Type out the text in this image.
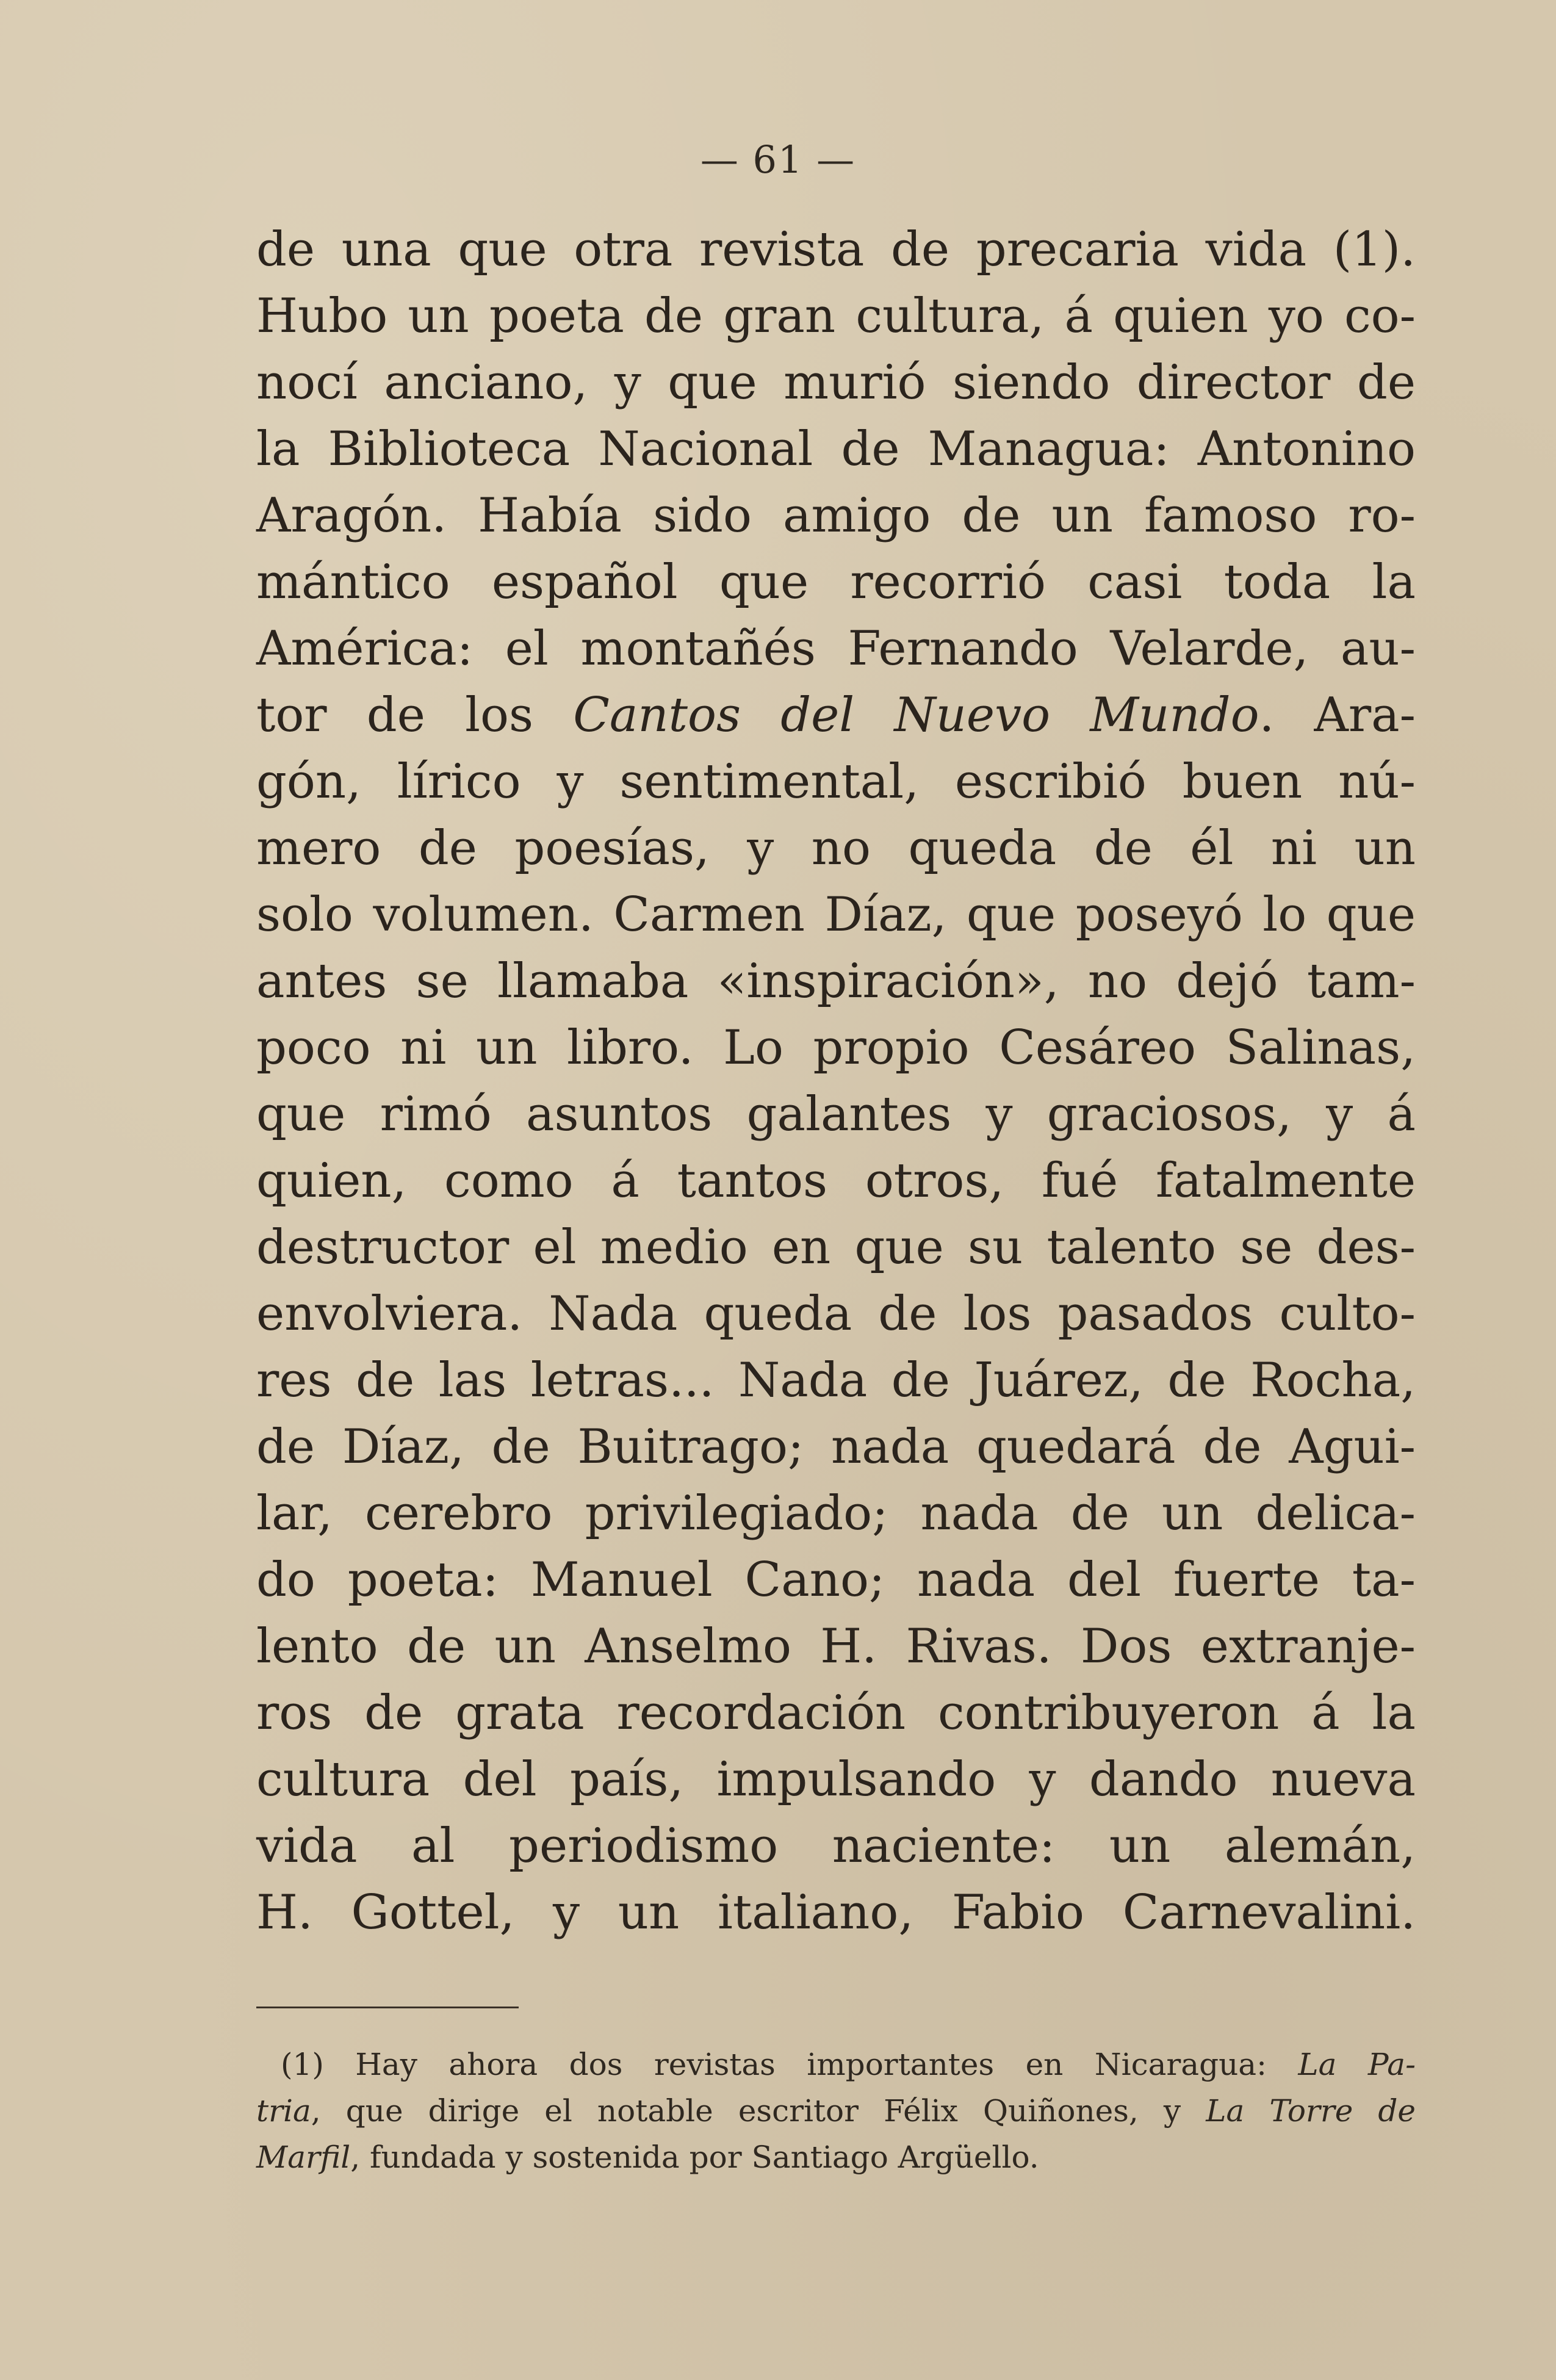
— 61 —
de una que otra revista de precaria vida (1).
Hubo un poeta de gran cultura, á quien yo co-
nocí anciano, y que murió siendo director de
la Biblioteca Nacional de Managua: Antonino
Aragón. Había sido amigo de un famoso ro-
mántico español que recorrió casi toda la
América: el montañés Fernando Velarde, au-
tor de los Cantos del Nuevo Mundo. Ara-
gón, lírico y sentimental, escribió buen nú-
mero de poesías, y no queda de él ni un
solo volumen. Carmen Díaz, que poseyó lo que
antes se llamaba «inspiración», no dejó tam-
poco ni un libro. Lo propio Cesáreo Salinas,
que rimó asuntos galantes y graciosos, y á
quien, como á tantos otros, fué fatalmente
destructor el medio en que su talento se des-
envolviera. Nada queda de los pasados culto-
res de las letras... Nada de Juárez, de Rocha,
de Díaz, de Buitrago; nada quedará de Agui-
lar, cerebro privilegiado; nada de un delica-
do poeta: Manuel Cano; nada del fuerte ta-
lento de un Anselmo H. Rivas. Dos extranje-
ros de grata recordación contribuyeron á la
cultura del país, impulsando y dando nueva
vida al periodismo naciente: un alemán,
H. Gottel, y un italiano, Fabio Carnevalini.
(1) Hay ahora dos revistas importantes en Nicaragua: La Pa-
tria, que dirige el notable escritor Félix Quiñones, y La Torre de
Marfil, fundada y sostenida por Santiago Argüello.
